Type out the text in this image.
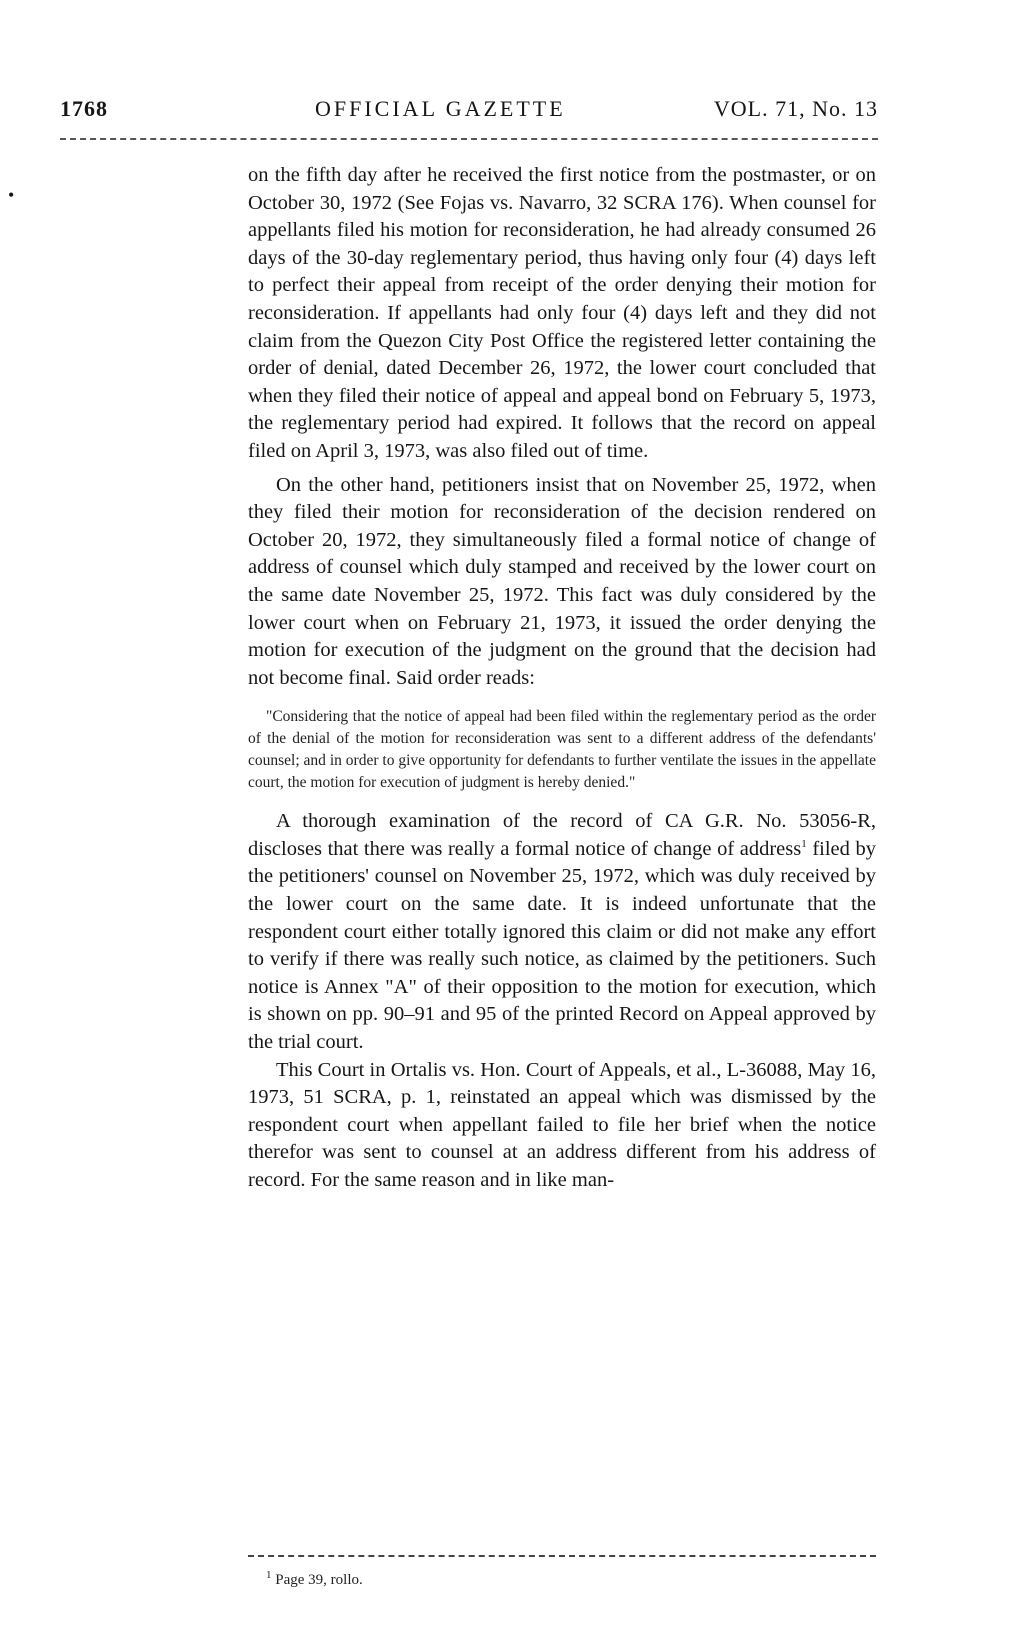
1768	OFFICIAL GAZETTE	VOL. 71, No. 13
•

on the fifth day after he received the first notice from the postmaster, or on October 30, 1972 (See Fojas vs. Navarro, 32 SCRA 176). When counsel for appellants filed his motion for reconsideration, he had already consumed 26 days of the 30-day reglementary period, thus having only four (4) days left to perfect their appeal from receipt of the order denying their motion for reconsideration. If appellants had only four (4) days left and they did not claim from the Quezon City Post Office the registered letter containing the order of denial, dated December 26, 1972, the lower court concluded that when they filed their notice of appeal and appeal bond on February 5, 1973, the reglementary period had expired. It follows that the record on appeal filed on April 3, 1973, was also filed out of time.

On the other hand, petitioners insist that on November 25, 1972, when they filed their motion for reconsideration of the decision rendered on October 20, 1972, they simultaneously filed a formal notice of change of address of counsel which duly stamped and received by the lower court on the same date November 25, 1972. This fact was duly considered by the lower court when on February 21, 1973, it issued the order denying the motion for execution of the judgment on the ground that the decision had not become final. Said order reads:

"Considering that the notice of appeal had been filed within the reglementary period as the order of the denial of the motion for reconsideration was sent to a different address of the defendants' counsel; and in order to give opportunity for defendants to further ventilate the issues in the appellate court, the motion for execution of judgment is hereby denied."

A thorough examination of the record of CA G.R. No. 53056-R, discloses that there was really a formal notice of change of address$^1$ filed by the petitioners' counsel on November 25, 1972, which was duly received by the lower court on the same date. It is indeed unfortunate that the respondent court either totally ignored this claim or did not make any effort to verify if there was really such notice, as claimed by the petitioners. Such notice is Annex "A" of their opposition to the motion for execution, which is shown on pp. 90–91 and 95 of the printed Record on Appeal approved by the trial court.

This Court in Ortalis vs. Hon. Court of Appeals, et al., L-36088, May 16, 1973, 51 SCRA, p. 1, reinstated an appeal which was dismissed by the respondent court when appellant failed to file her brief when the notice therefor was sent to counsel at an address different from his address of record. For the same reason and in like man-

$^1$ Page 39, rollo.
